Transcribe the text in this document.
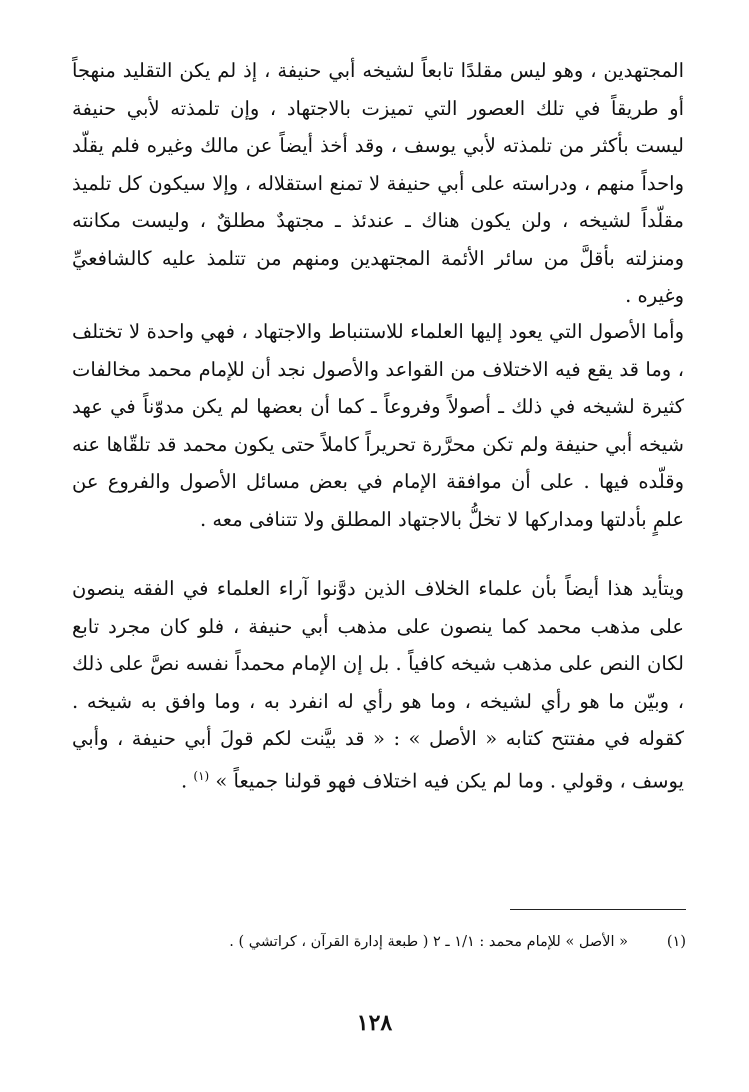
المجتهدين ، وهو ليس مقلدًا تابعاً لشيخه أبي حنيفة ، إذ لم يكن التقليد منهجاً أو طريقاً في تلك العصور التي تميزت بالاجتهاد ، وإن تلمذته لأبي حنيفة ليست بأكثر من تلمذته لأبي يوسف ، وقد أخذ أيضاً عن مالك وغيره فلم يقلّد واحداً منهم ، ودراسته على أبي حنيفة لا تمنع استقلاله ، وإلا سيكون كل تلميذ مقلّداً لشيخه ، ولن يكون هناك ـ عندئذ ـ مجتهدٌ مطلقٌ ، وليست مكانته ومنزلته بأقلَّ من سائر الأئمة المجتهدين ومنهم من تتلمذ عليه كالشافعيِّ وغيره .

وأما الأصول التي يعود إليها العلماء للاستنباط والاجتهاد ، فهي واحدة لا تختلف ، وما قد يقع فيه الاختلاف من القواعد والأصول نجد أن للإمام محمد مخالفات كثيرة لشيخه في ذلك ـ أصولاً وفروعاً ـ كما أن بعضها لم يكن مدوّناً في عهد شيخه أبي حنيفة ولم تكن محرَّرة تحريراً كاملاً حتى يكون محمد قد تلقّاها عنه وقلّده فيها . على أن موافقة الإمام في بعض مسائل الأصول والفروع عن علمٍ بأدلتها ومداركها لا تخلُّ بالاجتهاد المطلق ولا تتنافى معه .

ويتأيد هذا أيضاً بأن علماء الخلاف الذين دوَّنوا آراء العلماء في الفقه ينصون على مذهب محمد كما ينصون على مذهب أبي حنيفة ، فلو كان مجرد تابع لكان النص على مذهب شيخه كافياً . بل إن الإمام محمداً نفسه نصَّ على ذلك ، وبيّن ما هو رأي لشيخه ، وما هو رأي له انفرد به ، وما وافق به شيخه . كقوله في مفتتح كتابه « الأصل » : « قد بيَّنت لكم قولَ أبي حنيفة ، وأبي يوسف ، وقولي . وما لم يكن فيه اختلاف فهو قولنا جميعاً » $^{(١)}$ .

(١)« الأصل » للإمام محمد : ١/١ ـ ٢ ( طبعة إدارة القرآن ، كراتشي ) .
١٢٨
